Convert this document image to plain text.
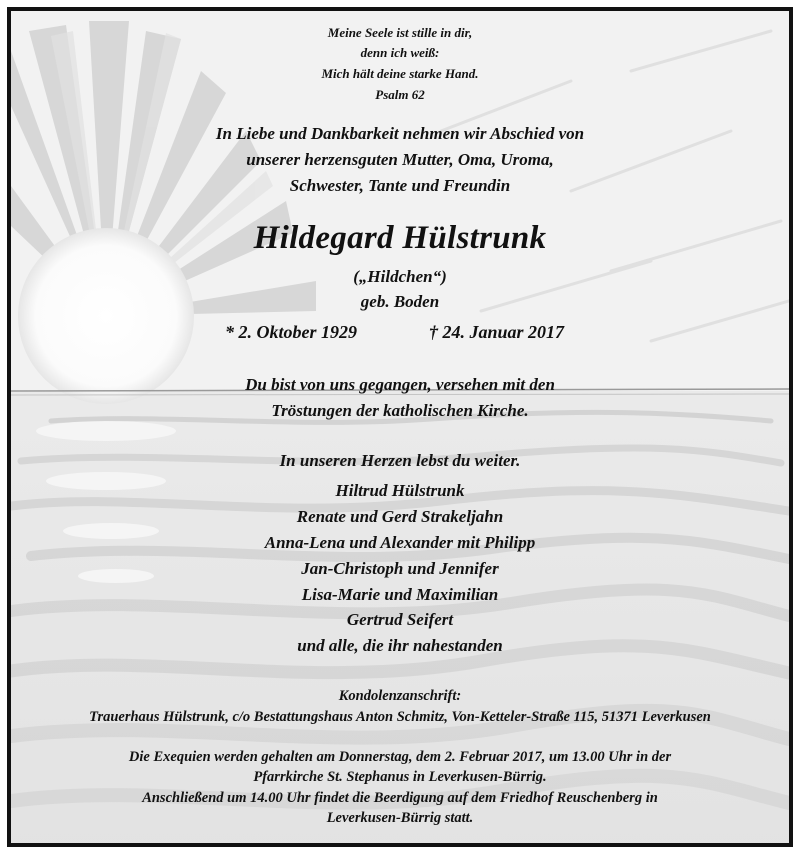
Meine Seele ist stille in dir,
denn ich weiß:
Mich hält deine starke Hand.
Psalm 62
In Liebe und Dankbarkeit nehmen wir Abschied von
unserer herzensguten Mutter, Oma, Uroma,
Schwester, Tante und Freundin
Hildegard Hülstrunk
(„Hildchen“)
geb. Boden
* 2. Oktober 1929	† 24. Januar 2017
Du bist von uns gegangen, versehen mit den
Tröstungen der katholischen Kirche.
In unseren Herzen lebst du weiter.
Hiltrud Hülstrunk
Renate und Gerd Strakeljahn
Anna-Lena und Alexander mit Philipp
Jan-Christoph und Jennifer
Lisa-Marie und Maximilian
Gertrud Seifert
und alle, die ihr nahestanden
Kondolenzanschrift:
Trauerhaus Hülstrunk, c/o Bestattungshaus Anton Schmitz, Von-Ketteler-Straße 115, 51371 Leverkusen
Die Exequien werden gehalten am Donnerstag, dem 2. Februar 2017, um 13.00 Uhr in der
Pfarrkirche St. Stephanus in Leverkusen-Bürrig.
Anschließend um 14.00 Uhr findet die Beerdigung auf dem Friedhof Reuschenberg in
Leverkusen-Bürrig statt.
